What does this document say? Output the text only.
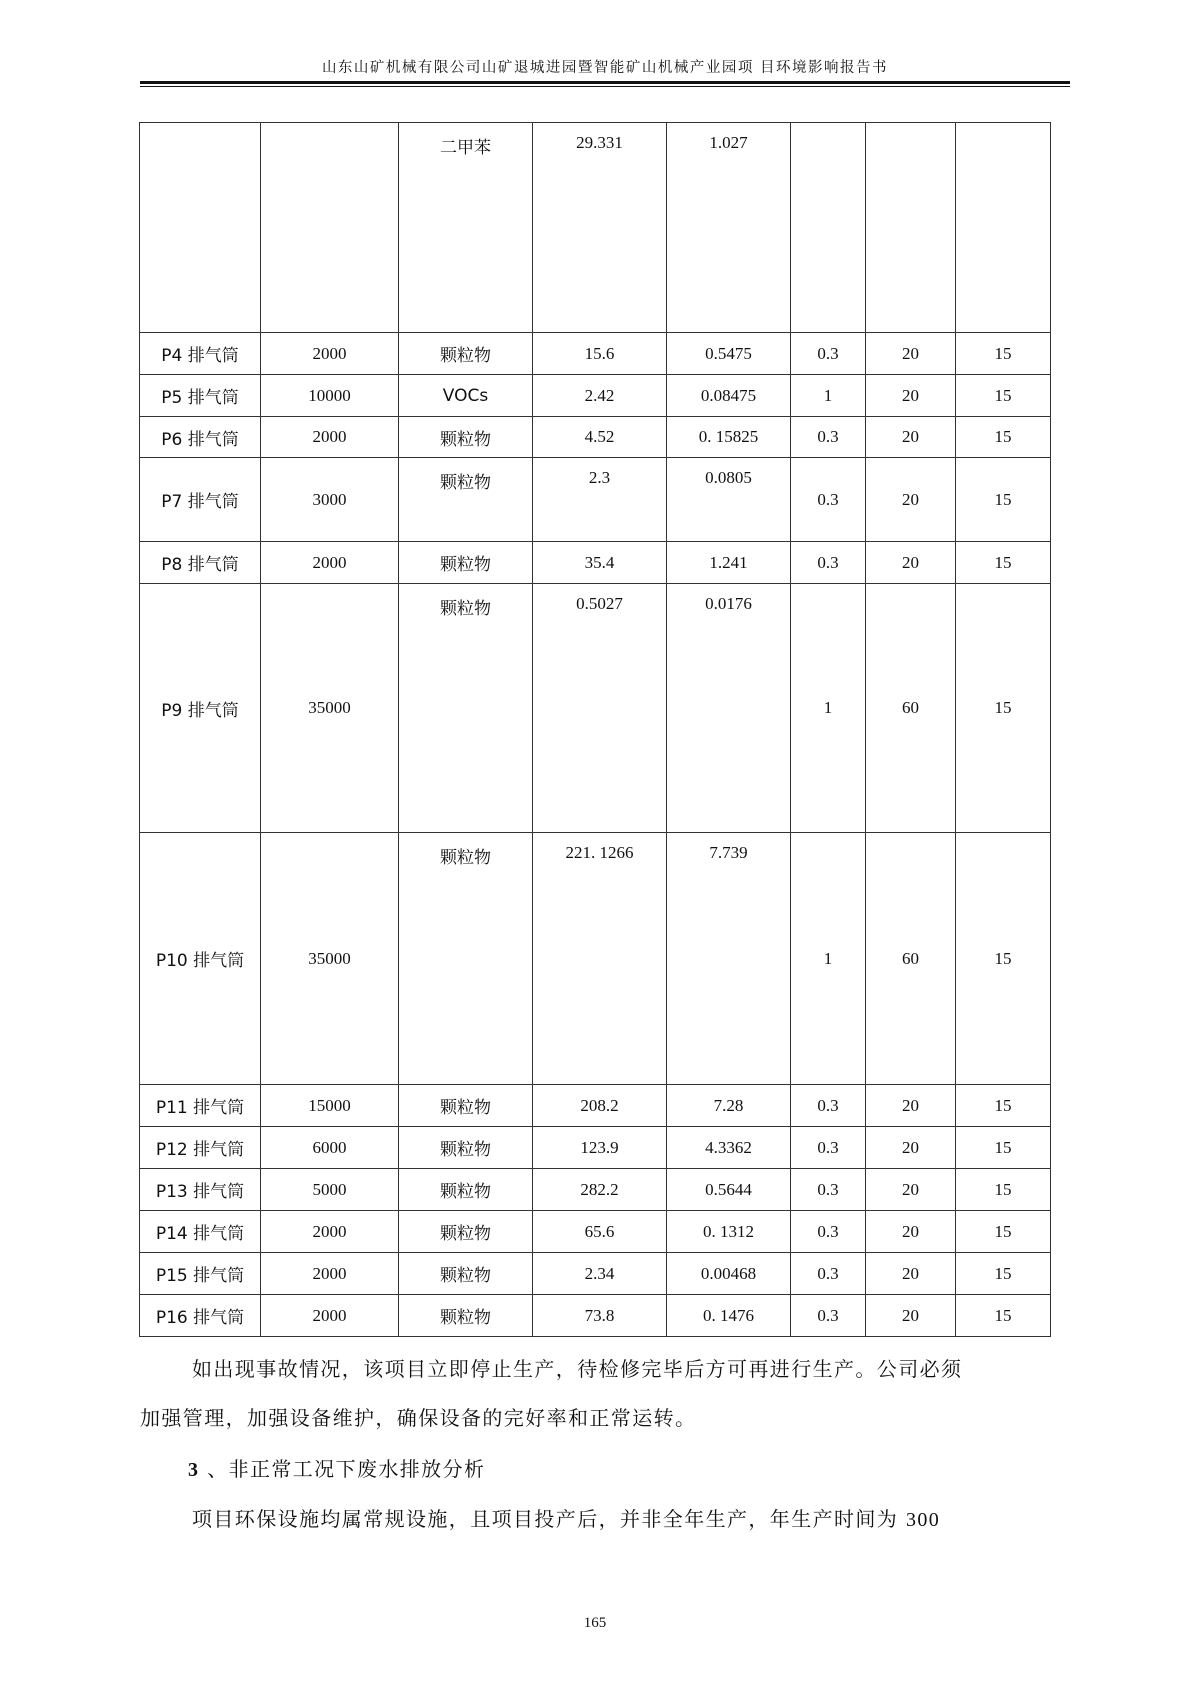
山东山矿机械有限公司山矿退城进园暨智能矿山机械产业园项 目环境影响报告书
		二甲苯	29.331	1.027			
P4 排气筒	2000	颗粒物	15.6	0.5475	0.3	20	15
P5 排气筒	10000	VOCs	2.42	0.08475	1	20	15
P6 排气筒	2000	颗粒物	4.52	0. 15825	0.3	20	15
P7 排气筒	3000	颗粒物	2.3	0.0805	0.3	20	15
P8 排气筒	2000	颗粒物	35.4	1.241	0.3	20	15
P9 排气筒	35000	颗粒物	0.5027	0.0176	1	60	15
P10 排气筒	35000	颗粒物	221. 1266	7.739	1	60	15
P11 排气筒	15000	颗粒物	208.2	7.28	0.3	20	15
P12 排气筒	6000	颗粒物	123.9	4.3362	0.3	20	15
P13 排气筒	5000	颗粒物	282.2	0.5644	0.3	20	15
P14 排气筒	2000	颗粒物	65.6	0. 1312	0.3	20	15
P15 排气筒	2000	颗粒物	2.34	0.00468	0.3	20	15
P16 排气筒	2000	颗粒物	73.8	0. 1476	0.3	20	15
如出现事故情况，该项目立即停止生产，待检修完毕后方可再进行生产。公司必须
加强管理，加强设备维护，确保设备的完好率和正常运转。
3 、非正常工况下废水排放分析
项目环保设施均属常规设施，且项目投产后，并非全年生产，年生产时间为 300
165
